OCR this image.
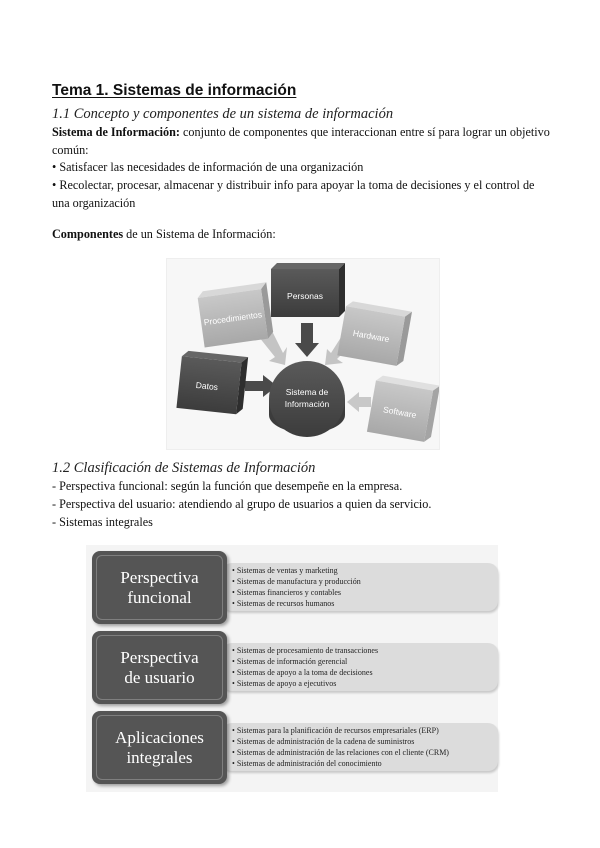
Tema 1. Sistemas de información
1.1 Concepto y componentes de un sistema de información
Sistema de Información: conjunto de componentes que interaccionan entre sí para lograr un objetivo común:
• Satisfacer las necesidades de información de una organización
• Recolectar, procesar, almacenar y distribuir info para apoyar la toma de decisiones y el control de una organización
Componentes de un Sistema de Información:
Sistema de
Información
Personas
Procedimientos
Hardware
Datos
Software
1.2 Clasificación de Sistemas de Información
- Perspectiva funcional: según la función que desempeñe en la empresa.
- Perspectiva del usuario: atendiendo al grupo de usuarios a quien da servicio.
- Sistemas integrales
Perspectiva
funcional
• Sistemas de ventas y marketing
• Sistemas de manufactura y producción
• Sistemas financieros y contables
• Sistemas de recursos humanos
Perspectiva
de usuario
• Sistemas de procesamiento de transacciones
• Sistemas de información gerencial
• Sistemas de apoyo a la toma de decisiones
• Sistemas de apoyo a ejecutivos
Aplicaciones
integrales
• Sistemas para la planificación de recursos empresariales (ERP)
• Sistemas de administración de la cadena de suministros
• Sistemas de administración de las relaciones con el cliente (CRM)
• Sistemas de administración del conocimiento
